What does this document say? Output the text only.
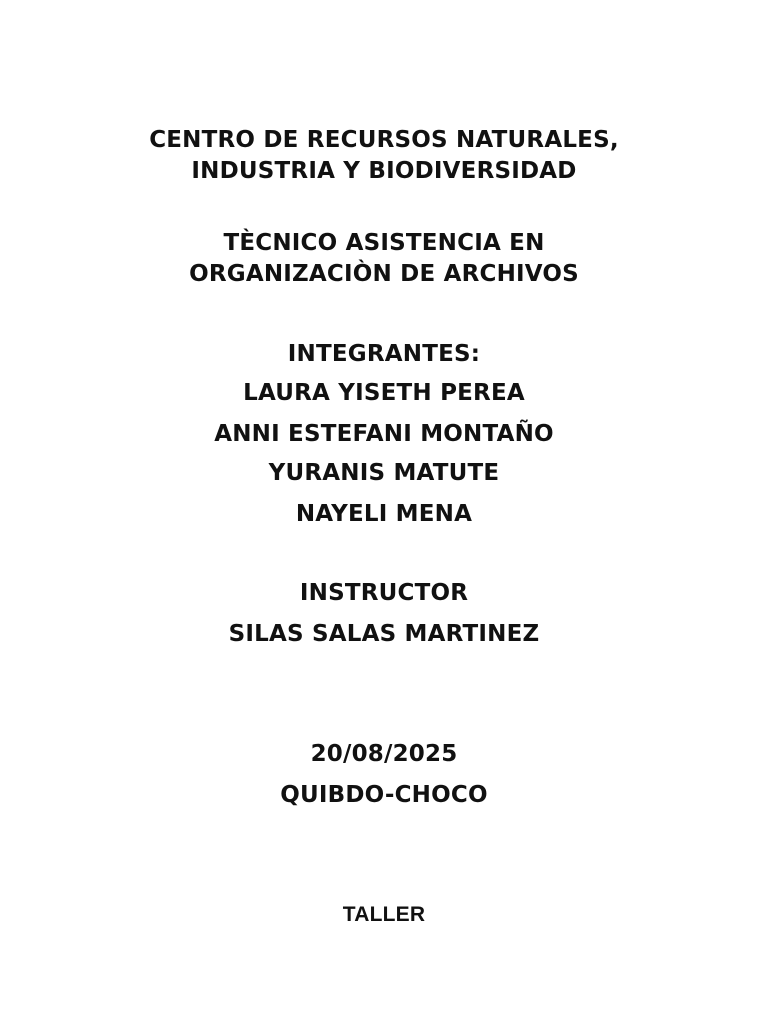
CENTRO DE RECURSOS NATURALES,
INDUSTRIA Y BIODIVERSIDAD
TÈCNICO ASISTENCIA EN
ORGANIZACIÒN DE ARCHIVOS
INTEGRANTES:
LAURA YISETH PEREA
ANNI ESTEFANI MONTAÑO
YURANIS MATUTE
NAYELI MENA
INSTRUCTOR
SILAS SALAS MARTINEZ
20/08/2025
QUIBDO-CHOCO
TALLER
